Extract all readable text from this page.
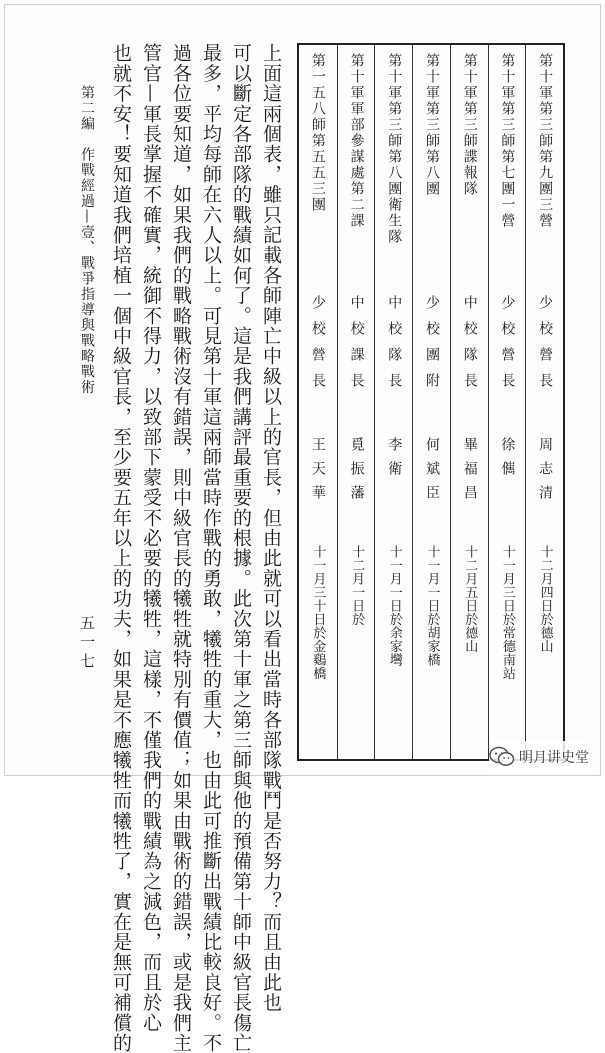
第十軍第三師第九團三營
少校營長
周志清
十二月四日於德山
第十軍第三師第七團一營
少校營長
徐㒞
十一月三日於常德南站
第十軍第三師諜報隊
中校隊長
畢福昌
十二月五日於德山
第十軍第三師第八團
少校團附
何斌臣
十一月一日於胡家橋
第十軍第三師第八團衛生隊
中校隊長
李衛
十一月一日於余家壪
第十軍軍部參謀處第二課
中校課長
覓振藩
十二月一日於
第一五八師第五五三團
少校營長
王天華
十一月三十日於金鷄橋
上面這兩個表，雖只記載各師陣亡中級以上的官長，但由此就可以看出當時各部隊戰鬥是否努力？而且由此也
可以斷定各部隊的戰績如何了。這是我們講評最重要的根據。此次第十軍之第三師與他的預備第十師中級官長傷亡
最多，平均每師在六人以上。可見第十軍這兩師當時作戰的勇敢，犧牲的重大，也由此可推斷出戰績比較良好。不
過各位要知道，如果我們的戰略戰術沒有錯誤，則中級官長的犧牲就特別有價值；如果由戰術的錯誤，或是我們主
管官—軍長掌握不確實，統御不得力，以致部下蒙受不必要的犧牲，這樣，不僅我們的戰績為之減色，而且於心
也就不安！要知道我們培植一個中級官長，至少要五年以上的功夫，如果是不應犧牲而犧牲了，實在是無可補償的
第二編　作戰經過—壹、戰爭指導與戰略戰術
五一七
明月讲史堂
